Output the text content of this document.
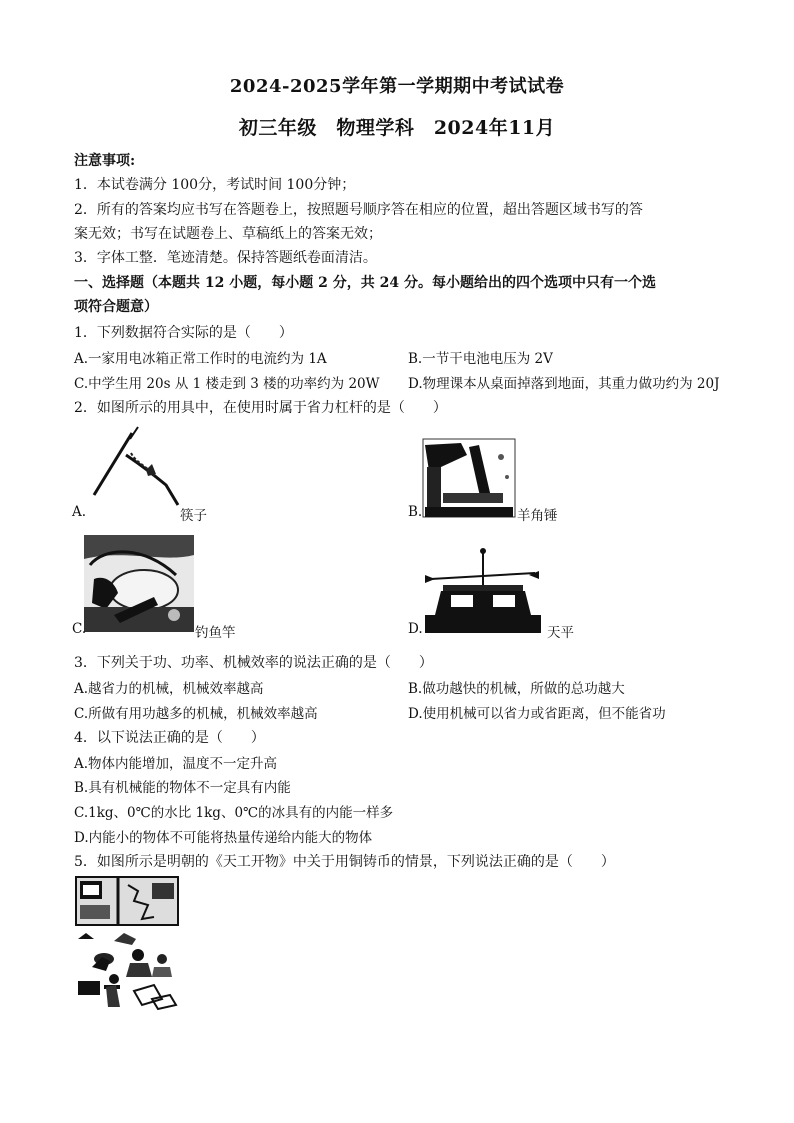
2024-2025学年第一学期期中考试试卷
初三年级　物理学科　2024年11月
注意事项:
1．本试卷满分 100分，考试时间 100分钟；
2．所有的答案均应书写在答题卷上，按照题号顺序答在相应的位置，超出答题区域书写的答
案无效；书写在试题卷上、草稿纸上的答案无效；
3．字体工整．笔迹清楚。保持答题纸卷面清洁。
一、选择题（本题共 12 小题，每小题 2 分，共 24 分。每小题给出的四个选项中只有一个选
项符合题意）
1．下列数据符合实际的是（　　）
A.一家用电冰箱正常工作时的电流约为 1A	B.一节干电池电压为 2V
C.中学生用 20s 从 1 楼走到 3 楼的功率约为 20W D.物理课本从桌面掉落到地面，其重力做功约为 20J
2．如图所示的用具中，在使用时属于省力杠杆的是（　　）
A.	筷子	B.	羊角锤
C.	钓鱼竿	D.	天平
3．下列关于功、功率、机械效率的说法正确的是（　　）
A.越省力的机械，机械效率越高	B.做功越快的机械，所做的总功越大
C.所做有用功越多的机械，机械效率越高	D.使用机械可以省力或省距离，但不能省功
4．以下说法正确的是（　　）
A.物体内能增加，温度不一定升高
B.具有机械能的物体不一定具有内能
C.1kg、0℃的水比 1kg、0℃的冰具有的内能一样多
D.内能小的物体不可能将热量传递给内能大的物体
5．如图所示是明朝的《天工开物》中关于用铜铸币的情景，下列说法正确的是（　　）
